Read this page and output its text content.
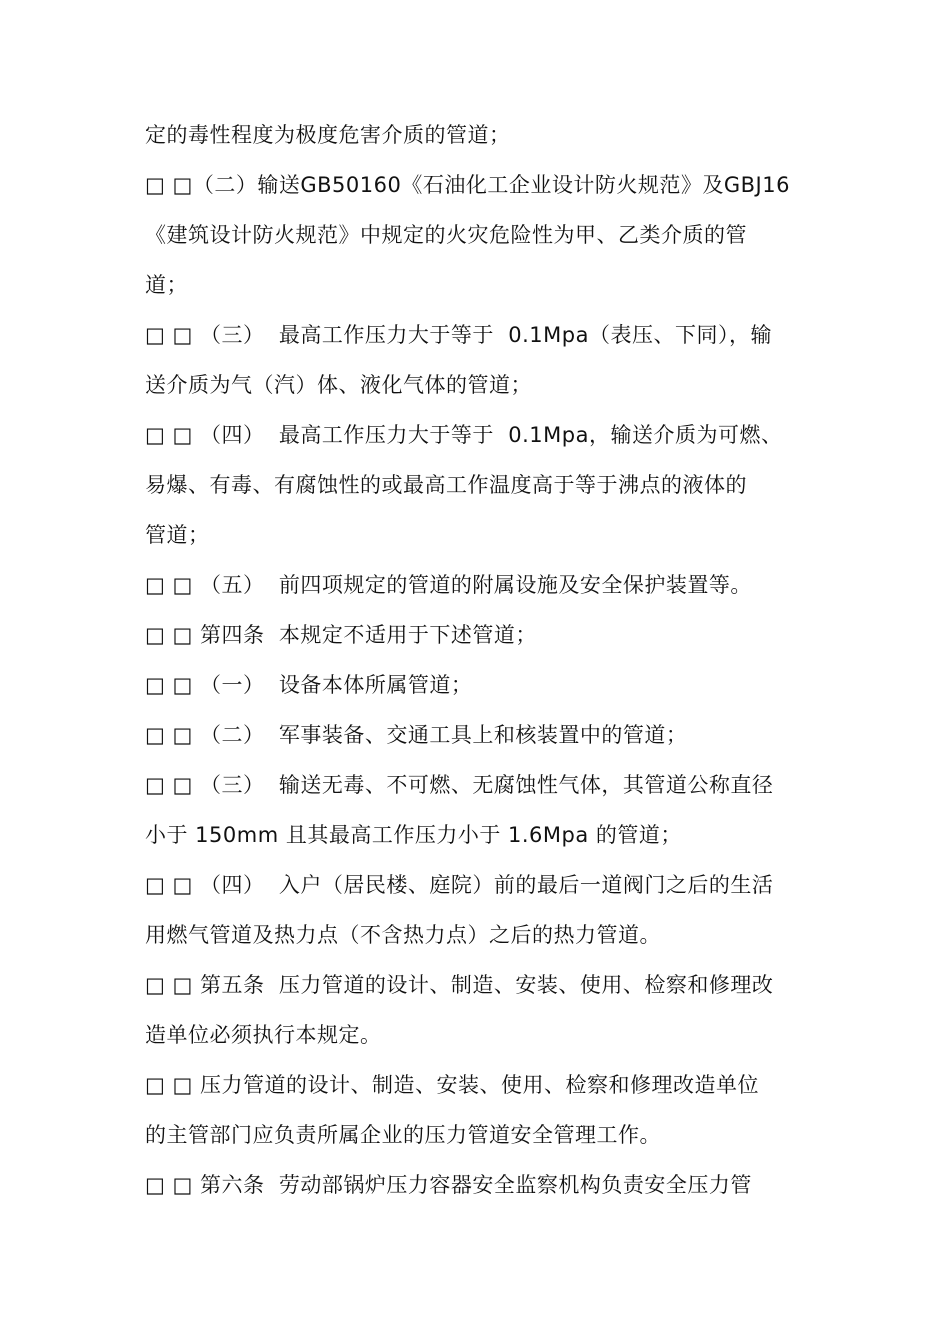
定的毒性程度为极度危害介质的管道；
□ □（二）输送GB50160《石油化工企业设计防火规范》及GBJ16
《建筑设计防火规范》中规定的火灾危险性为甲、乙类介质的管
道；
□ □ （三）  最高工作压力大于等于  0.1Mpa（表压、下同），输
送介质为气（汽）体、液化气体的管道；
□ □ （四）  最高工作压力大于等于  0.1Mpa，输送介质为可燃、
易爆、有毒、有腐蚀性的或最高工作温度高于等于沸点的液体的
管道；
□ □ （五）  前四项规定的管道的附属设施及安全保护装置等。
□ □ 第四条  本规定不适用于下述管道；
□ □ （一）  设备本体所属管道；
□ □ （二）  军事装备、交通工具上和核装置中的管道；
□ □ （三）  输送无毒、不可燃、无腐蚀性气体，其管道公称直径
小于 150mm 且其最高工作压力小于 1.6Mpa 的管道；
□ □ （四）  入户（居民楼、庭院）前的最后一道阀门之后的生活
用燃气管道及热力点（不含热力点）之后的热力管道。
□ □ 第五条  压力管道的设计、制造、安装、使用、检察和修理改
造单位必须执行本规定。
□ □ 压力管道的设计、制造、安装、使用、检察和修理改造单位
的主管部门应负责所属企业的压力管道安全管理工作。
□ □ 第六条  劳动部锅炉压力容器安全监察机构负责安全压力管
